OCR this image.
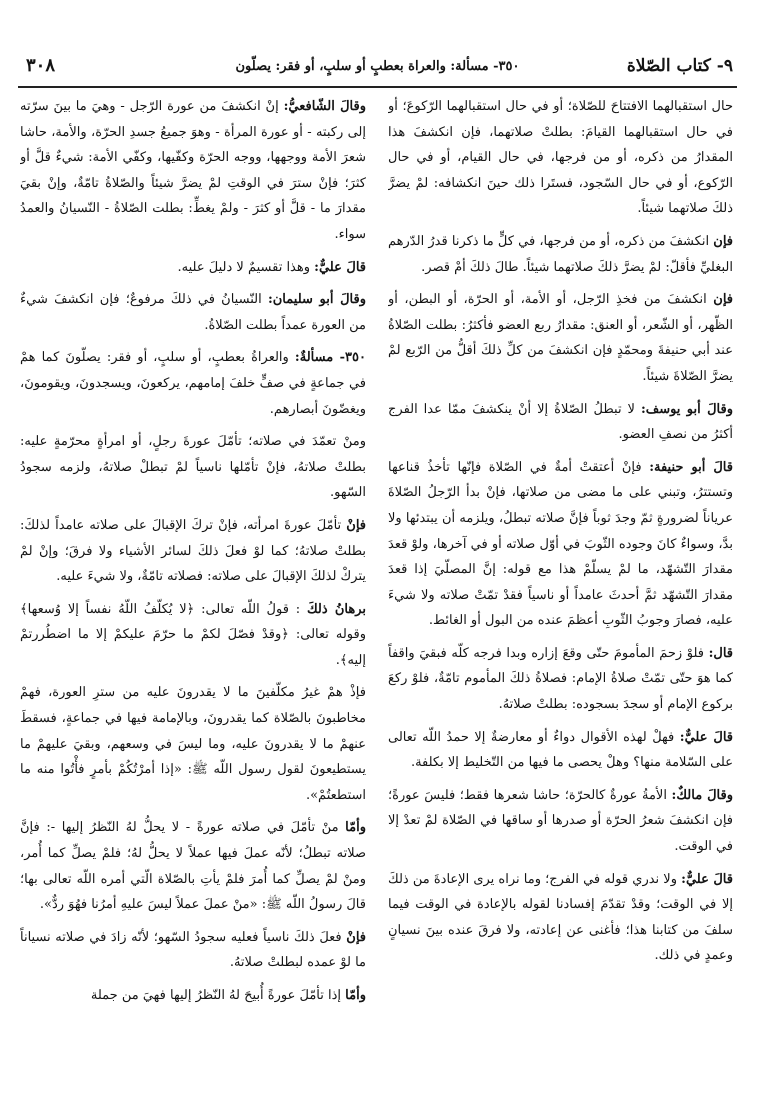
٩- كتاب الصّلاة
٣٥٠- مسألة: والعراة بعطبٍ أو سلبٍ، أو فقر: يصلّون
٣٠٨

حال استقبالهما الافتتاحَ للصّلاة؛ أو في حال استقبالهما الرّكوعَ؛ أو في حال استقبالهما القيامَ: بطلتْ صلاتهما، فإن انكشفَ هذا المقدارُ من ذكره، أو من فرجها، في حال القيام، أو في حال الرّكوع، أو في حال السّجود، فستَرا ذلك حينَ انكشافه: لمْ يضرَّ ذلكَ صلاتهما شيئاً.

فإن انكشفَ من ذكره، أو من فرجها، في كلٍّ ما ذكرنا قدرُ الدّرهم البغليِّ فأقلّ: لمْ يضرَّ ذلكَ صلاتهما شيئاً. طالَ ذلكَ أمْ قصر.

فإن انكشفَ من فخذِ الرّجل، أو الأمة، أو الحرّة، أو البطن، أو الظّهر، أو الشّعر، أو العنق: مقدارُ ربع العضو فأكثرُ: بطلت الصّلاةُ عند أبي حنيفةَ ومحمّدٍ فإن انكشفَ من كلِّ ذلكَ أقلُّ من الرّبع لمْ يضرَّ الصّلاةَ شيئاً.

وقالَ أبو يوسف: لا تبطلُ الصّلاةُ إلا أنْ ينكشفَ ممّا عدا الفرج أكثرُ من نصفِ العضو.

قالَ أبو حنيفة: فإنْ أعتقتْ أمةٌ في الصّلاة فإنّها تأخذُ قناعها وتستترُ، وتبني على ما مضى من صلاتها، فإنْ بدأ الرّجلُ الصّلاةَ عرياناً لضرورةٍ ثمّ وجدَ ثوباً فإنَّ صلاته تبطلُ، ويلزمه أن يبتدئها ولا بدَّ، وسواءٌ كانَ وجوده الثّوبَ في أوّل صلاته أو في آخرها، ولوْ قعدَ مقدارَ التّشهّد، ما لمْ يسلّمْ هذا مع قوله: إنَّ المصلّيَ إذا قعدَ مقدارَ التّشهّد ثمَّ أحدثَ عامداً أو ناسياً فقدْ تمّتْ صلاته ولا شيءَ عليه، فصارَ وجوبُ الثّوبِ أعظمَ عنده من البول أو الغائط.

قال: فلوْ زحمَ المأمومَ حتّى وقعَ إزاره وبدا فرجه كلّه فبقيَ واقفاً كما هوَ حتّى تمّتْ صلاةُ الإمام: فصلاةُ ذلكَ المأموم تامّةٌ، فلوْ ركعَ بركوع الإمام أو سجدَ بسجوده: بطلتْ صلاتهُ.

قالَ عليٌّ: فهلْ لهذه الأقوال دواءٌ أو معارضةٌ إلا حمدُ اللّه تعالى على السّلامة منها؟ وهلْ يحصى ما فيها من التّخليط إلا بكلفة.

وقالَ مالكٌ: الأمةُ عورةٌ كالحرّة؛ حاشا شعرها فقط؛ فليسَ عورةً؛ فإن انكشفَ شعرُ الحرّة أو صدرها أو ساقها في الصّلاة لمْ تعدْ إلا في الوقت.

قالَ عليٌّ: ولا ندري قوله في الفرج؛ وما نراه يرى الإعادةَ من ذلكَ إلا في الوقت؛ وقدْ تقدّمَ إفسادنا لقوله بالإعادة في الوقت فيما سلفَ من كتابنا هذا؛ فأغنى عن إعادته، ولا فرقَ عنده بينَ نسيانٍ وعمدٍ في ذلك.

وقالَ الشّافعيُّ: إنْ انكشفَ من عورة الرّجل - وهيَ ما بينَ سرّته إلى ركبته - أو عورة المرأة - وهوَ جميعُ جسدِ الحرّة، والأمة، حاشا شعرَ الأمة ووجهها، ووجه الحرّة وكفّيها، وكفّي الأمة: شيءٌ قلَّ أو كثرَ؛ فإنْ سترَ في الوقتِ لمْ يضرَّ شيئاً والصّلاةُ تامّةٌ، وإنْ بقيَ مقدارَ ما - قلَّ أو كثرَ - ولمْ يغطِّ: بطلت الصّلاةُ - النّسيانُ والعمدُ سواء.

قالَ عليٌّ: وهذا تقسيمٌ لا دليلَ عليه.

وقالَ أبو سليمان: النّسيانُ في ذلكَ مرفوعٌ؛ فإن انكشفَ شيءٌ من العورة عمداً بطلت الصّلاةُ.

٣٥٠- مسألةٌ: والعراةُ بعطبٍ، أو سلبٍ، أو فقر: يصلّونَ كما همْ في جماعةٍ في صفٍّ خلفَ إمامهم، يركعونَ، ويسجدونَ، ويقومونَ، ويغضّونَ أبصارهم.

ومنْ تعمّدَ في صلاته؛ تأمّلَ عورةَ رجلٍ، أو امرأةٍ محرّمةٍ عليه: بطلتْ صلاتهُ، فإنْ تأمّلها ناسياً لمْ تبطلْ صلاتهُ، ولزمه سجودُ السّهو.

فإنْ تأمّلَ عورةَ امرأته، فإنْ تركَ الإقبالَ على صلاته عامداً لذلكَ: بطلتْ صلاتهُ؛ كما لوْ فعلَ ذلكَ لسائر الأشياء ولا فرقَ؛ وإنْ لمْ يتركْ لذلكَ الإقبالَ على صلاته: فصلاته تامّةٌ، ولا شيءَ عليه.

برهانُ ذلكَ : قولُ اللّه تعالى: ﴿لا يُكلّفُ اللّهُ نفساً إلا وُسعها﴾ وقوله تعالى: ﴿وقدْ فصّلَ لكمْ ما حرّمَ عليكمْ إلا ما اضطُررتمْ إليه﴾.

فإذْ همْ غيرُ مكلّفينَ ما لا يقدرونَ عليه من سترِ العورة، فهمْ مخاطبونَ بالصّلاة كما يقدرونَ، وبالإمامة فيها في جماعةٍ، فسقطَ عنهمْ ما لا يقدرونَ عليه، وما ليسَ في وسعهم، وبقيَ عليهمْ ما يستطيعونَ لقول رسول اللّه ﷺ: «إذا أمرْتُكُمْ بأمرٍ فأْتُوا منه ما استطعتُمْ».

وأمّا منْ تأمّلَ في صلاته عورةً - لا يحلُّ لهُ النّظرُ إليها -: فإنَّ صلاته تبطلُ؛ لأنّه عملَ فيها عملاً لا يحلُّ لهُ؛ فلمْ يصلِّ كما أُمر، ومنْ لمْ يصلِّ كما أُمرَ فلمْ يأتِ بالصّلاة الّتي أمره اللّه تعالى بها؛ قالَ رسولُ اللّه ﷺ: «منْ عملَ عملاً ليسَ عليهِ أمرُنا فهُوَ ردٌّ».

فإنْ فعلَ ذلكَ ناسياً فعليه سجودُ السّهو؛ لأنّه زادَ في صلاته نسياناً ما لوْ عمده لبطلتْ صلاتهُ.

وأمّا إذا تأمّلَ عورةً أُبيحَ لهُ النّظرُ إليها فهيَ من جملة
